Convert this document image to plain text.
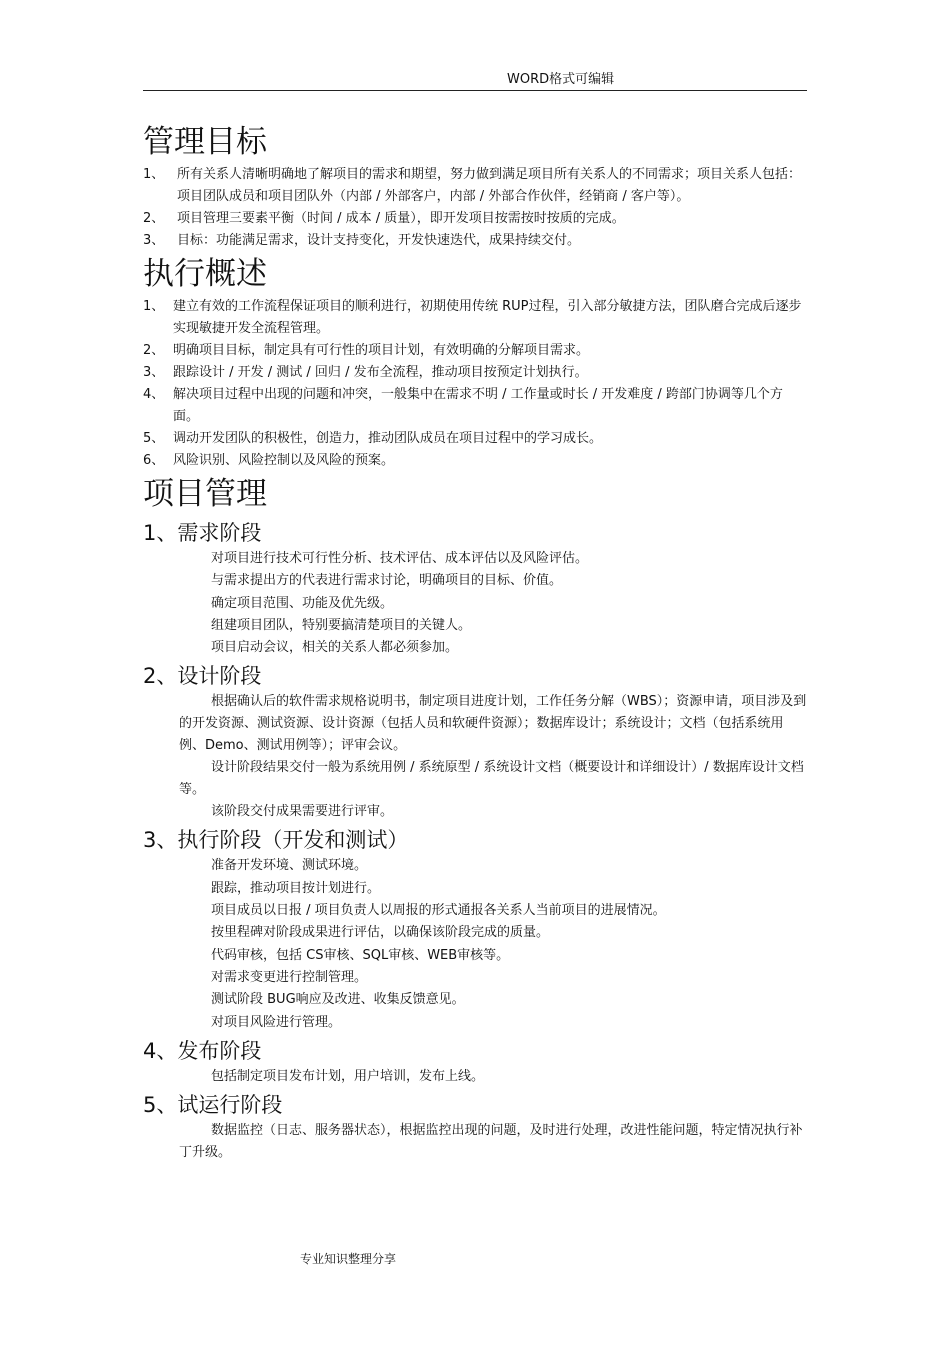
WORD格式可编辑
管理目标
1、 所有关系人清晰明确地了解项目的需求和期望，努力做到满足项目所有关系人的不同需求；项目关系人包括：项目团队成员和项目团队外（内部 / 外部客户，内部 / 外部合作伙伴，经销商 / 客户等）。
2、 项目管理三要素平衡（时间 / 成本 / 质量），即开发项目按需按时按质的完成。
3、 目标：功能满足需求，设计支持变化，开发快速迭代，成果持续交付。
执行概述
1、 建立有效的工作流程保证项目的顺利进行，初期使用传统 RUP过程，引入部分敏捷方法，团队磨合完成后逐步实现敏捷开发全流程管理。
2、 明确项目目标，制定具有可行性的项目计划，有效明确的分解项目需求。
3、 跟踪设计 / 开发 / 测试 / 回归 / 发布全流程，推动项目按预定计划执行。
4、 解决项目过程中出现的问题和冲突，一般集中在需求不明 / 工作量或时长 / 开发难度 / 跨部门协调等几个方面。
5、 调动开发团队的积极性，创造力，推动团队成员在项目过程中的学习成长。
6、 风险识别、风险控制以及风险的预案。
项目管理
1、需求阶段
对项目进行技术可行性分析、技术评估、成本评估以及风险评估。
与需求提出方的代表进行需求讨论，明确项目的目标、价值。
确定项目范围、功能及优先级。
组建项目团队，特别要搞清楚项目的关键人。
项目启动会议，相关的关系人都必须参加。
2、设计阶段
根据确认后的软件需求规格说明书，制定项目进度计划，工作任务分解（WBS）；资源申请，项目涉及到的开发资源、测试资源、设计资源（包括人员和软硬件资源）；数据库设计；系统设计；文档（包括系统用例、Demo、测试用例等）；评审会议。
设计阶段结果交付一般为系统用例 / 系统原型 / 系统设计文档（概要设计和详细设计）/ 数据库设计文档等。
该阶段交付成果需要进行评审。
3、执行阶段（开发和测试）
准备开发环境、测试环境。
跟踪，推动项目按计划进行。
项目成员以日报 / 项目负责人以周报的形式通报各关系人当前项目的进展情况。
按里程碑对阶段成果进行评估，以确保该阶段完成的质量。
代码审核，包括 CS审核、SQL审核、WEB审核等。
对需求变更进行控制管理。
测试阶段 BUG响应及改进、收集反馈意见。
对项目风险进行管理。
4、发布阶段
包括制定项目发布计划，用户培训，发布上线。
5、试运行阶段
数据监控（日志、服务器状态），根据监控出现的问题，及时进行处理，改进性能问题，特定情况执行补丁升级。
专业知识整理分享
